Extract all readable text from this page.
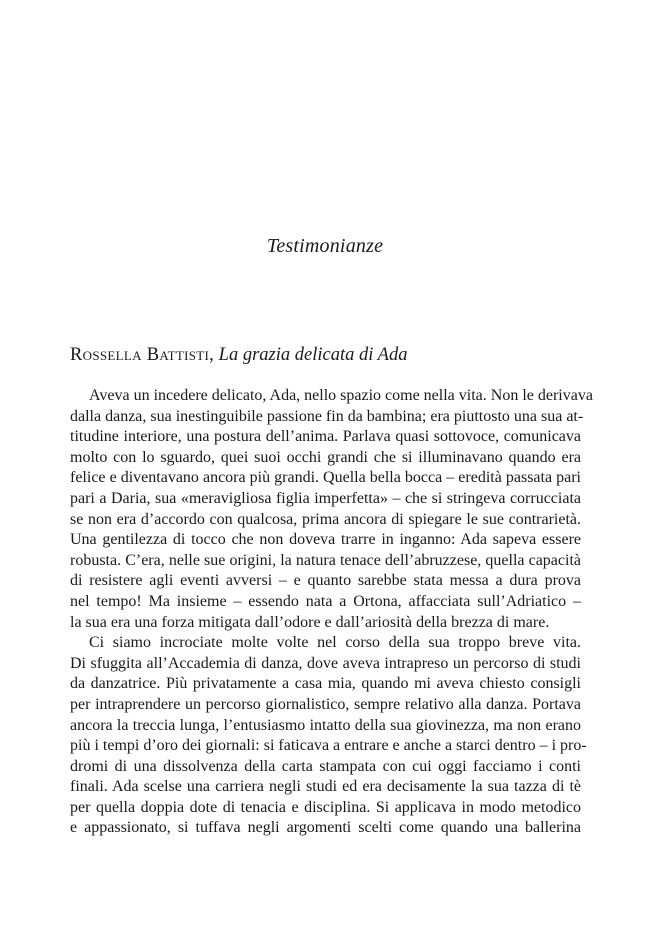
Testimonianze
Rossella Battisti, La grazia delicata di Ada
Aveva un incedere delicato, Ada, nello spazio come nella vita. Non le derivava
dalla danza, sua inestinguibile passione fin da bambina; era piuttosto una sua at-
titudine interiore, una postura dell’anima. Parlava quasi sottovoce, comunicava
molto con lo sguardo, quei suoi occhi grandi che si illuminavano quando era
felice e diventavano ancora più grandi. Quella bella bocca – eredità passata pari
pari a Daria, sua «meravigliosa figlia imperfetta» – che si stringeva corrucciata
se non era d’accordo con qualcosa, prima ancora di spiegare le sue contrarietà.
Una gentilezza di tocco che non doveva trarre in inganno: Ada sapeva essere
robusta. C’era, nelle sue origini, la natura tenace dell’abruzzese, quella capacità
di resistere agli eventi avversi – e quanto sarebbe stata messa a dura prova
nel tempo! Ma insieme – essendo nata a Ortona, affacciata sull’Adriatico –
la sua era una forza mitigata dall’odore e dall’ariosità della brezza di mare.
Ci siamo incrociate molte volte nel corso della sua troppo breve vita.
Di sfuggita all’Accademia di danza, dove aveva intrapreso un percorso di studi
da danzatrice. Più privatamente a casa mia, quando mi aveva chiesto consigli
per intraprendere un percorso giornalistico, sempre relativo alla danza. Portava
ancora la treccia lunga, l’entusiasmo intatto della sua giovinezza, ma non erano
più i tempi d’oro dei giornali: si faticava a entrare e anche a starci dentro – i pro-
dromi di una dissolvenza della carta stampata con cui oggi facciamo i conti
finali. Ada scelse una carriera negli studi ed era decisamente la sua tazza di tè
per quella doppia dote di tenacia e disciplina. Si applicava in modo metodico
e appassionato, si tuffava negli argomenti scelti come quando una ballerina
